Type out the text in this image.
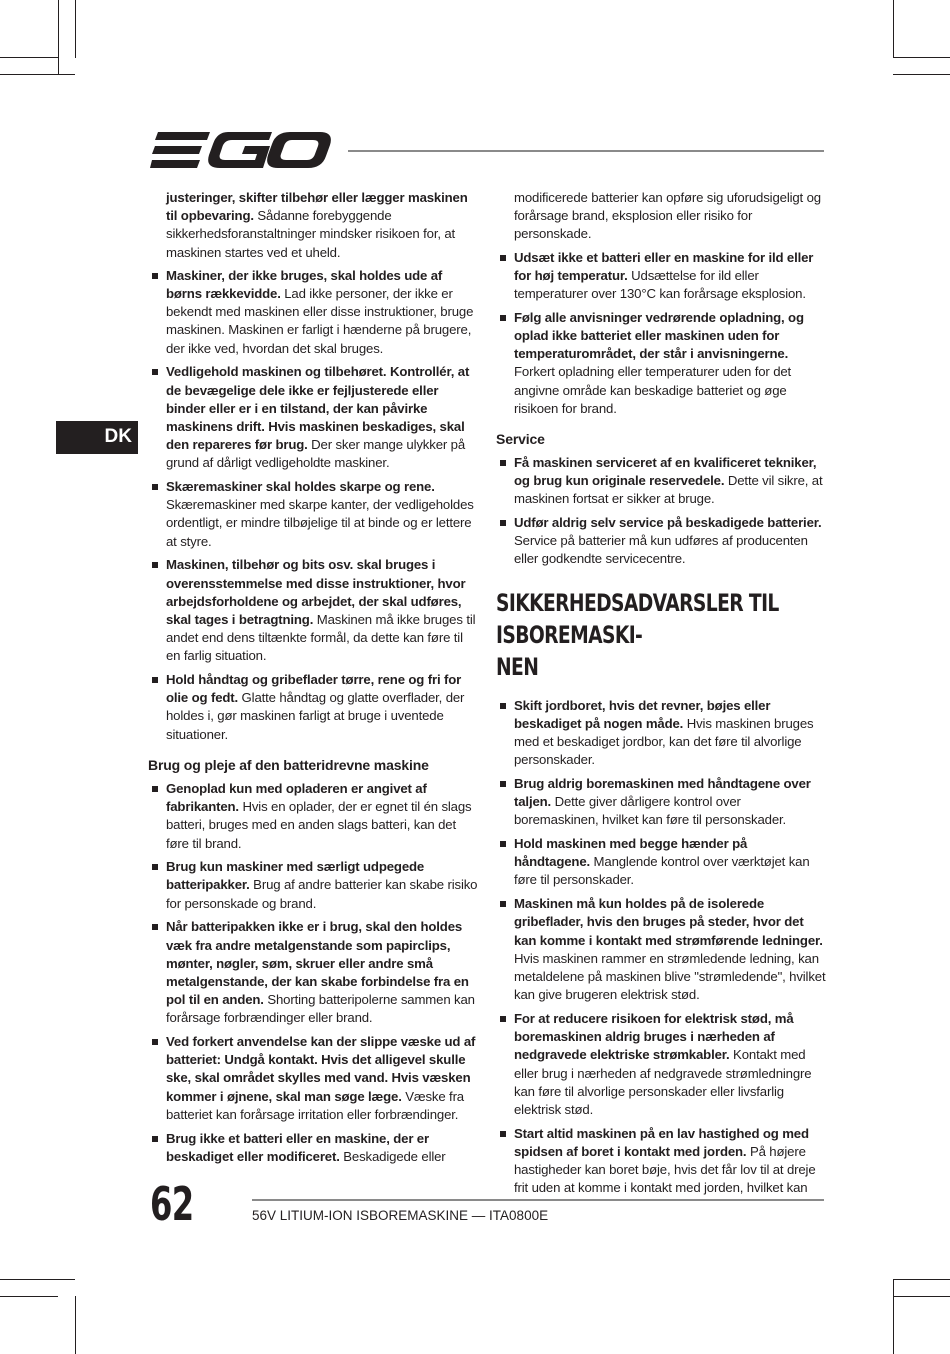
DK

justeringer, skifter tilbehør eller lægger maskinen til opbevaring. Sådanne forebyggende sikkerhedsforanstaltninger mindsker risikoen for, at maskinen startes ved et uheld.

Maskiner, der ikke bruges, skal holdes ude af børns rækkevidde. Lad ikke personer, der ikke er bekendt med maskinen eller disse instruktioner, bruge maskinen. Maskinen er farligt i hænderne på brugere, der ikke ved, hvordan det skal bruges.
Vedligehold maskinen og tilbehøret. Kontrollér, at de bevægelige dele ikke er fejljusterede eller binder eller er i en tilstand, der kan påvirke maskinens drift. Hvis maskinen beskadiges, skal den repareres før brug. Der sker mange ulykker på grund af dårligt vedligeholdte maskiner.
Skæremaskiner skal holdes skarpe og rene. Skæremaskiner med skarpe kanter, der vedligeholdes ordentligt, er mindre tilbøjelige til at binde og er lettere at styre.
Maskinen, tilbehør og bits osv. skal bruges i overensstemmelse med disse instruktioner, hvor arbejdsforholdene og arbejdet, der skal udføres, skal tages i betragtning. Maskinen må ikke bruges til andet end dens tiltænkte formål, da dette kan føre til en farlig situation.
Hold håndtag og gribeflader tørre, rene og fri for olie og fedt. Glatte håndtag og glatte overflader, der holdes i, gør maskinen farligt at bruge i uventede situationer.
Brug og pleje af den batteridrevne maskine
Genoplad kun med opladeren er angivet af fabrikanten. Hvis en oplader, der er egnet til én slags batteri, bruges med en anden slags batteri, kan det føre til brand.
Brug kun maskiner med særligt udpegede batteripakker. Brug af andre batterier kan skabe risiko for personskade og brand.
Når batteripakken ikke er i brug, skal den holdes væk fra andre metalgenstande som papirclips, mønter, nøgler, søm, skruer eller andre små metalgenstande, der kan skabe forbindelse fra en pol til en anden. Shorting batteripolerne sammen kan forårsage forbrændinger eller brand.
Ved forkert anvendelse kan der slippe væske ud af batteriet: Undgå kontakt. Hvis det alligevel skulle ske, skal området skylles med vand. Hvis væsken kommer i øjnene, skal man søge læge. Væske fra batteriet kan forårsage irritation eller forbrændinger.
Brug ikke et batteri eller en maskine, der er beskadiget eller modificeret. Beskadigede eller

modificerede batterier kan opføre sig uforudsigeligt og forårsage brand, eksplosion eller risiko for personskade.

Udsæt ikke et batteri eller en maskine for ild eller for høj temperatur. Udsættelse for ild eller temperaturer over 130°C kan forårsage eksplosion.
Følg alle anvisninger vedrørende opladning, og oplad ikke batteriet eller maskinen uden for temperaturområdet, der står i anvisningerne. Forkert opladning eller temperaturer uden for det angivne område kan beskadige batteriet og øge risikoen for brand.
Service
Få maskinen serviceret af en kvalificeret tekniker, og brug kun originale reservedele. Dette vil sikre, at maskinen fortsat er sikker at bruge.
Udfør aldrig selv service på beskadigede batterier. Service på batterier må kun udføres af producenten eller godkendte servicecentre.
SIKKERHEDSADVARSLER TIL ISBOREMASKI-
NEN
Skift jordboret, hvis det revner, bøjes eller beskadiget på nogen måde. Hvis maskinen bruges med et beskadiget jordbor, kan det føre til alvorlige personskader.
Brug aldrig boremaskinen med håndtagene over taljen. Dette giver dårligere kontrol over boremaskinen, hvilket kan føre til personskader.
Hold maskinen med begge hænder på håndtagene. Manglende kontrol over værktøjet kan føre til personskader.
Maskinen må kun holdes på de isolerede gribeflader, hvis den bruges på steder, hvor det kan komme i kontakt med strømførende ledninger. Hvis maskinen rammer en strømledende ledning, kan metaldelene på maskinen blive "strømledende", hvilket kan give brugeren elektrisk stød.
For at reducere risikoen for elektrisk stød, må boremaskinen aldrig bruges i nærheden af nedgravede elektriske strømkabler. Kontakt med eller brug i nærheden af nedgravede strømledningre kan føre til alvorlige personskader eller livsfarlig elektrisk stød.
Start altid maskinen på en lav hastighed og med spidsen af boret i kontakt med jorden. På højere hastigheder kan boret bøje, hvis det får lov til at dreje frit uden at komme i kontakt med jorden, hvilket kan
62	56V LITIUM-ION ISBOREMASKINE — ITA0800E
